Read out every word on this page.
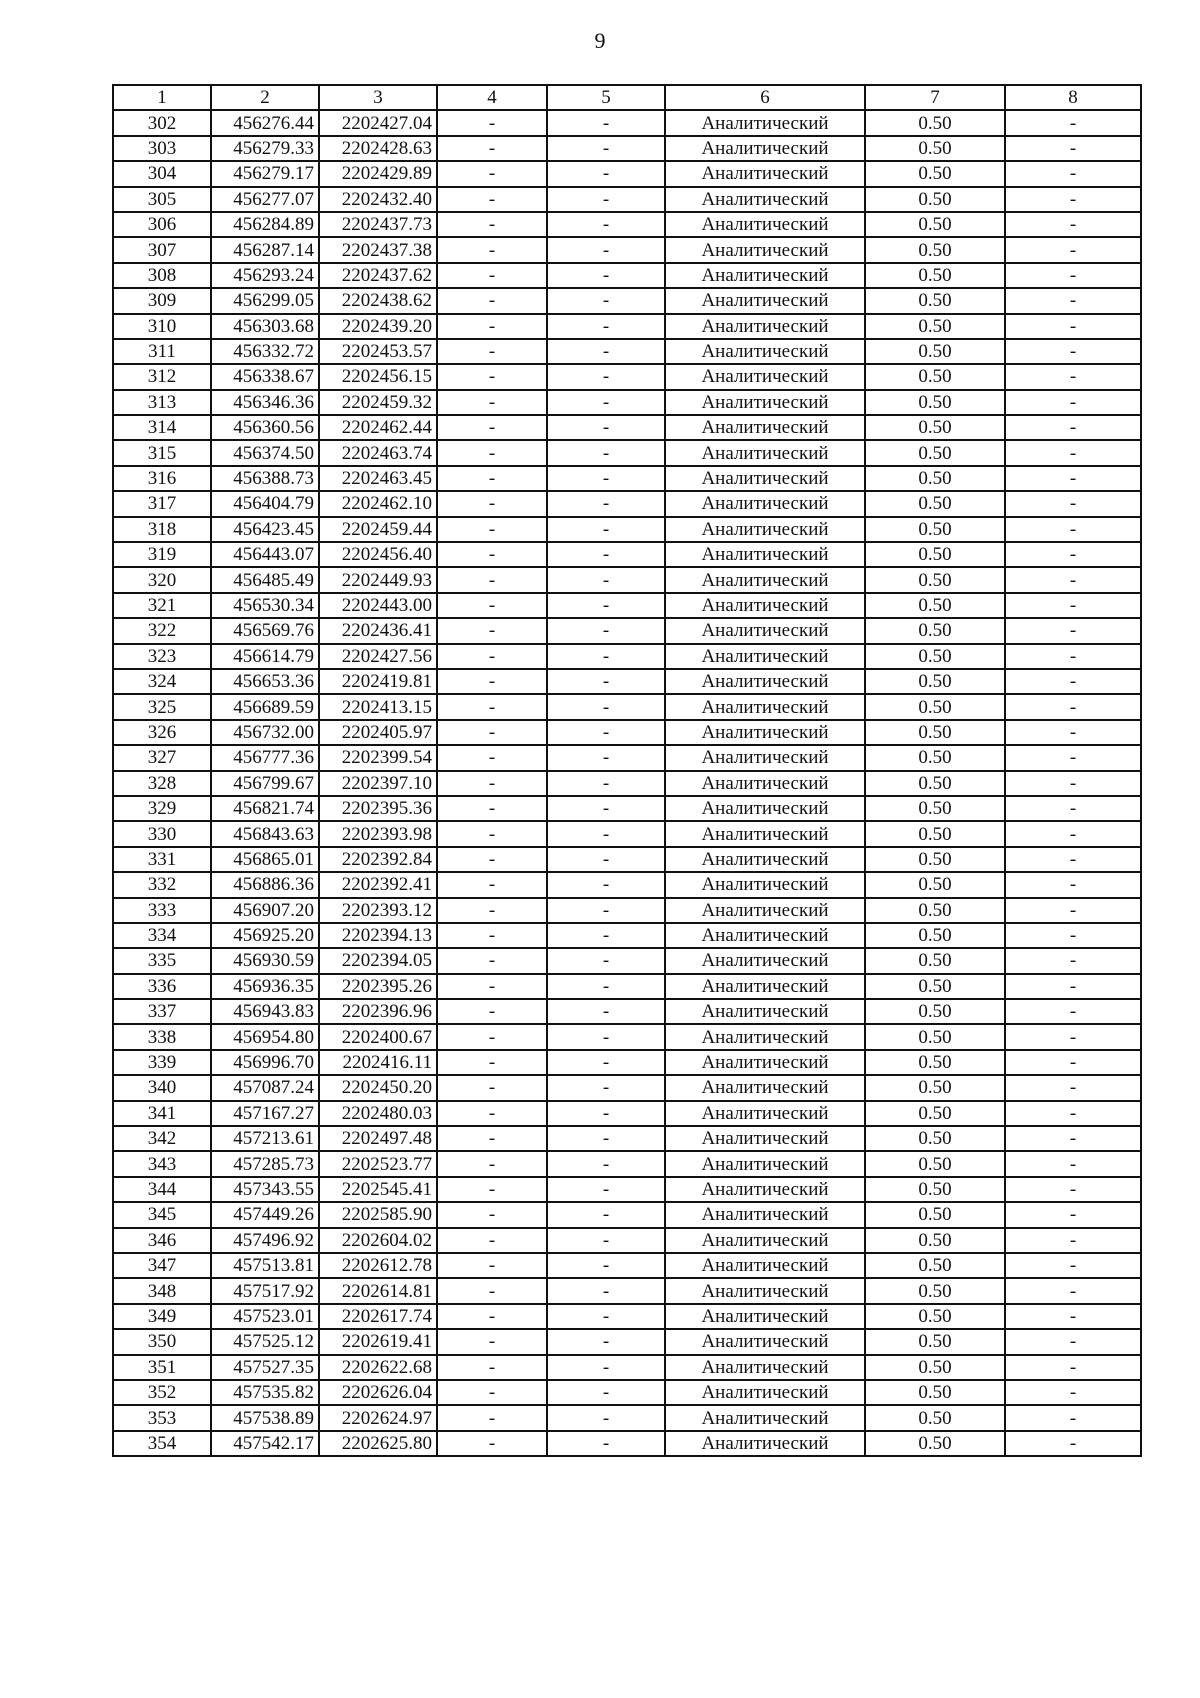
9
1	2	3	4	5	6	7	8
302	456276.44	2202427.04	-	-	Аналитический	0.50	-
303	456279.33	2202428.63	-	-	Аналитический	0.50	-
304	456279.17	2202429.89	-	-	Аналитический	0.50	-
305	456277.07	2202432.40	-	-	Аналитический	0.50	-
306	456284.89	2202437.73	-	-	Аналитический	0.50	-
307	456287.14	2202437.38	-	-	Аналитический	0.50	-
308	456293.24	2202437.62	-	-	Аналитический	0.50	-
309	456299.05	2202438.62	-	-	Аналитический	0.50	-
310	456303.68	2202439.20	-	-	Аналитический	0.50	-
311	456332.72	2202453.57	-	-	Аналитический	0.50	-
312	456338.67	2202456.15	-	-	Аналитический	0.50	-
313	456346.36	2202459.32	-	-	Аналитический	0.50	-
314	456360.56	2202462.44	-	-	Аналитический	0.50	-
315	456374.50	2202463.74	-	-	Аналитический	0.50	-
316	456388.73	2202463.45	-	-	Аналитический	0.50	-
317	456404.79	2202462.10	-	-	Аналитический	0.50	-
318	456423.45	2202459.44	-	-	Аналитический	0.50	-
319	456443.07	2202456.40	-	-	Аналитический	0.50	-
320	456485.49	2202449.93	-	-	Аналитический	0.50	-
321	456530.34	2202443.00	-	-	Аналитический	0.50	-
322	456569.76	2202436.41	-	-	Аналитический	0.50	-
323	456614.79	2202427.56	-	-	Аналитический	0.50	-
324	456653.36	2202419.81	-	-	Аналитический	0.50	-
325	456689.59	2202413.15	-	-	Аналитический	0.50	-
326	456732.00	2202405.97	-	-	Аналитический	0.50	-
327	456777.36	2202399.54	-	-	Аналитический	0.50	-
328	456799.67	2202397.10	-	-	Аналитический	0.50	-
329	456821.74	2202395.36	-	-	Аналитический	0.50	-
330	456843.63	2202393.98	-	-	Аналитический	0.50	-
331	456865.01	2202392.84	-	-	Аналитический	0.50	-
332	456886.36	2202392.41	-	-	Аналитический	0.50	-
333	456907.20	2202393.12	-	-	Аналитический	0.50	-
334	456925.20	2202394.13	-	-	Аналитический	0.50	-
335	456930.59	2202394.05	-	-	Аналитический	0.50	-
336	456936.35	2202395.26	-	-	Аналитический	0.50	-
337	456943.83	2202396.96	-	-	Аналитический	0.50	-
338	456954.80	2202400.67	-	-	Аналитический	0.50	-
339	456996.70	2202416.11	-	-	Аналитический	0.50	-
340	457087.24	2202450.20	-	-	Аналитический	0.50	-
341	457167.27	2202480.03	-	-	Аналитический	0.50	-
342	457213.61	2202497.48	-	-	Аналитический	0.50	-
343	457285.73	2202523.77	-	-	Аналитический	0.50	-
344	457343.55	2202545.41	-	-	Аналитический	0.50	-
345	457449.26	2202585.90	-	-	Аналитический	0.50	-
346	457496.92	2202604.02	-	-	Аналитический	0.50	-
347	457513.81	2202612.78	-	-	Аналитический	0.50	-
348	457517.92	2202614.81	-	-	Аналитический	0.50	-
349	457523.01	2202617.74	-	-	Аналитический	0.50	-
350	457525.12	2202619.41	-	-	Аналитический	0.50	-
351	457527.35	2202622.68	-	-	Аналитический	0.50	-
352	457535.82	2202626.04	-	-	Аналитический	0.50	-
353	457538.89	2202624.97	-	-	Аналитический	0.50	-
354	457542.17	2202625.80	-	-	Аналитический	0.50	-
